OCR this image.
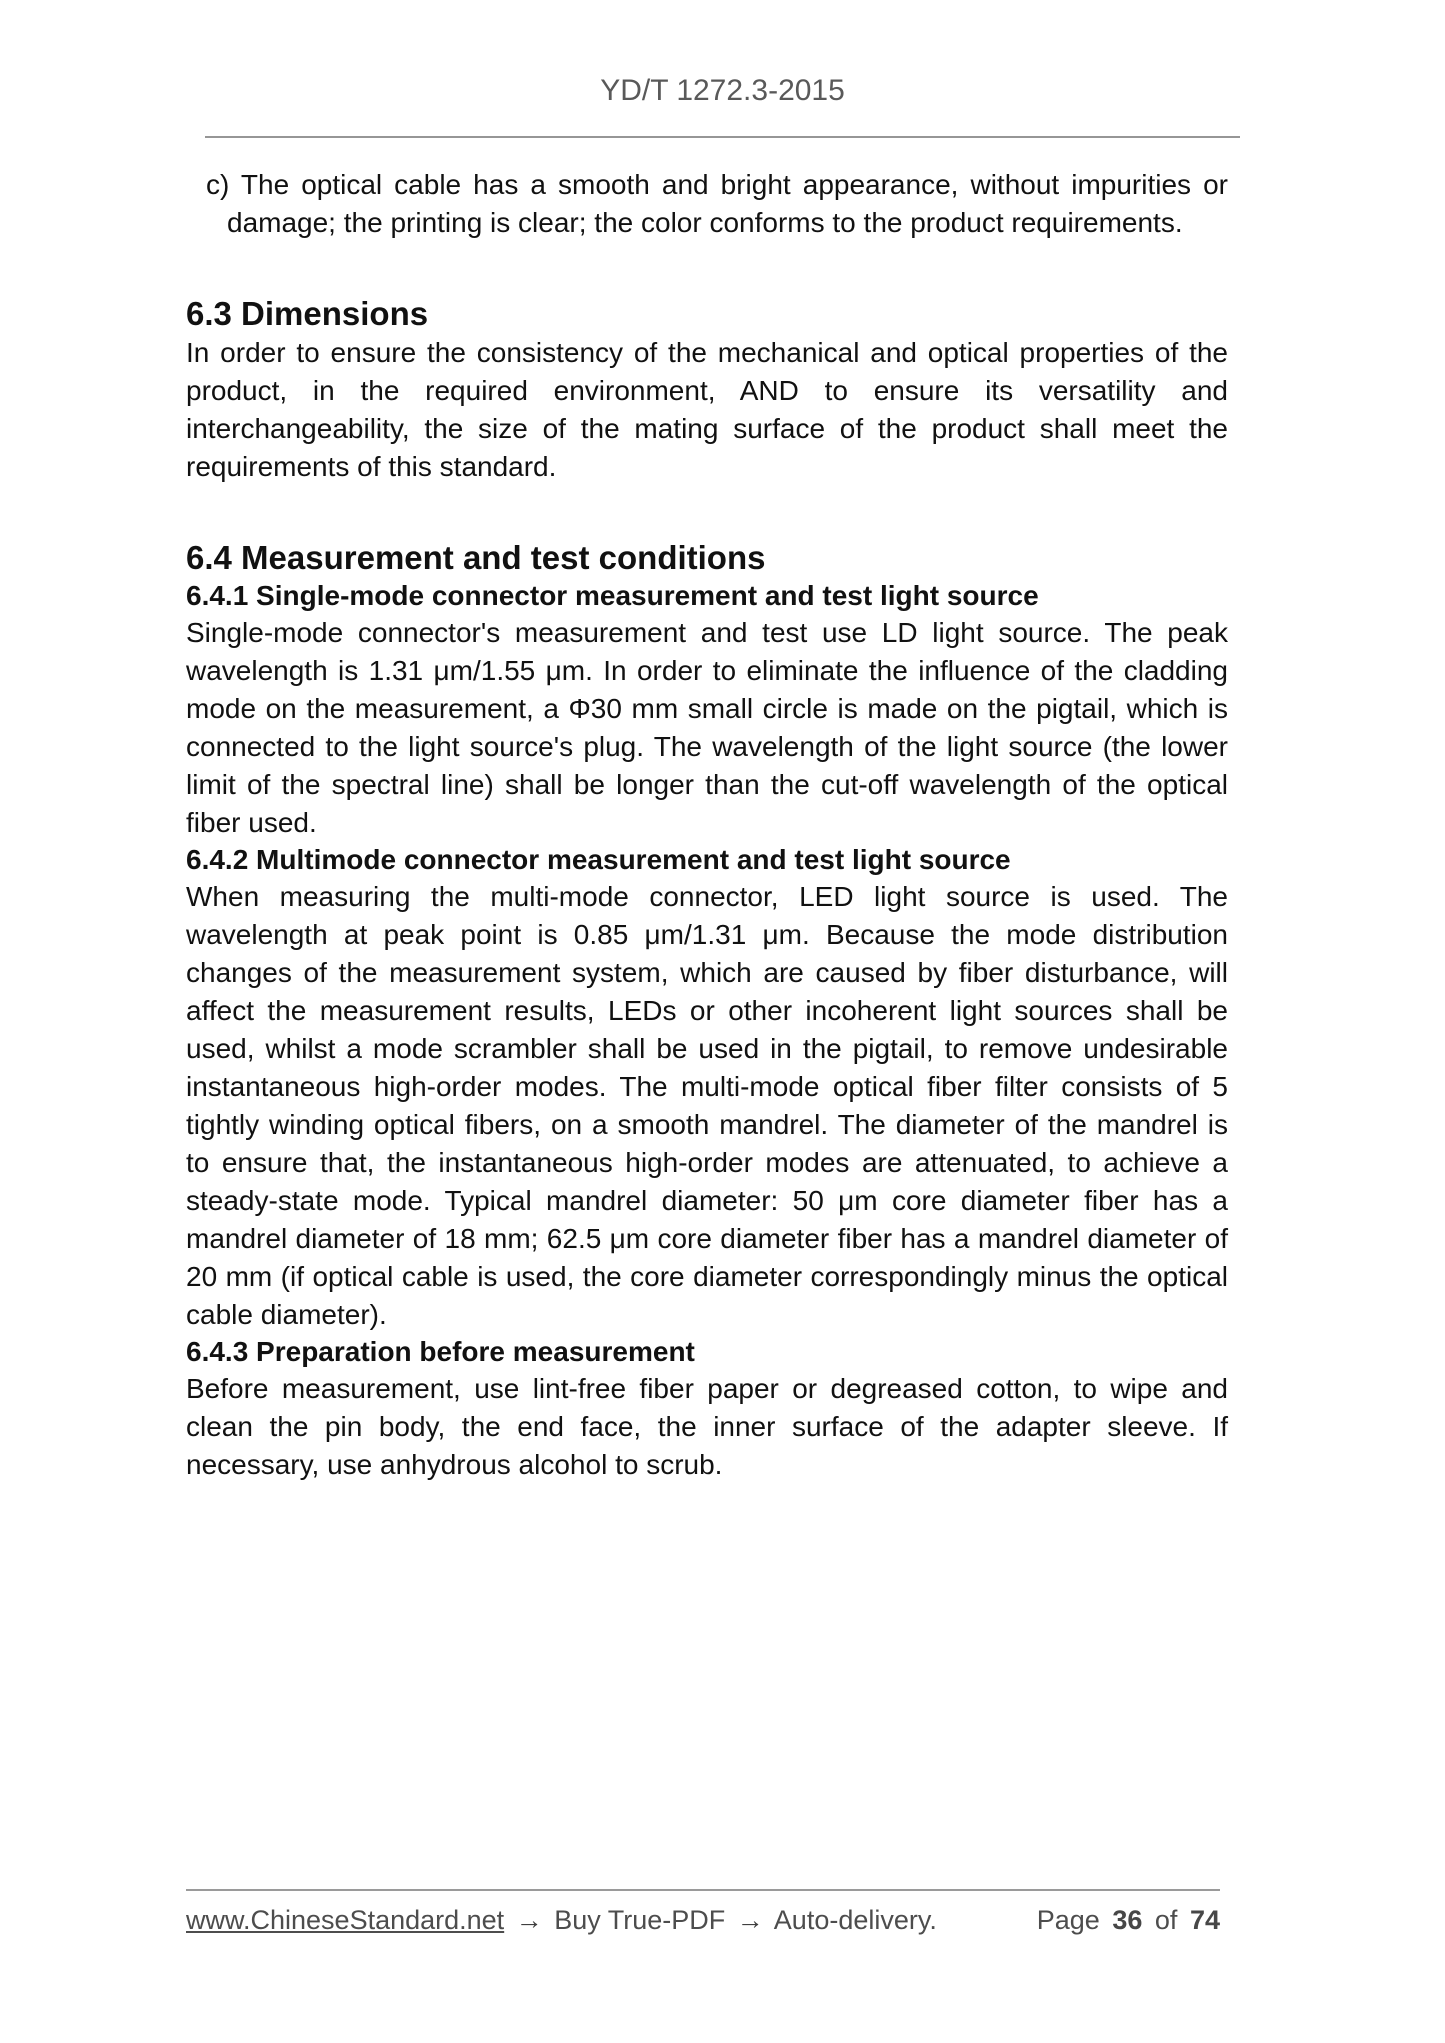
YD/T 1272.3-2015

c) The optical cable has a smooth and bright appearance, without impurities or damage; the printing is clear; the color conforms to the product requirements.

6.3 Dimensions

In order to ensure the consistency of the mechanical and optical properties of the product, in the required environment, AND to ensure its versatility and interchangeability, the size of the mating surface of the product shall meet the requirements of this standard.

6.4 Measurement and test conditions
6.4.1 Single-mode connector measurement and test light source

Single-mode connector's measurement and test use LD light source. The peak wavelength is 1.31 μm/1.55 μm. In order to eliminate the influence of the cladding mode on the measurement, a Φ30 mm small circle is made on the pigtail, which is connected to the light source's plug. The wavelength of the light source (the lower limit of the spectral line) shall be longer than the cut-off wavelength of the optical fiber used.

6.4.2 Multimode connector measurement and test light source

When measuring the multi-mode connector, LED light source is used. The wavelength at peak point is 0.85 μm/1.31 μm. Because the mode distribution changes of the measurement system, which are caused by fiber disturbance, will affect the measurement results, LEDs or other incoherent light sources shall be used, whilst a mode scrambler shall be used in the pigtail, to remove undesirable instantaneous high-order modes. The multi-mode optical fiber filter consists of 5 tightly winding optical fibers, on a smooth mandrel. The diameter of the mandrel is to ensure that, the instantaneous high-order modes are attenuated, to achieve a steady-state mode. Typical mandrel diameter: 50 μm core diameter fiber has a mandrel diameter of 18 mm; 62.5 μm core diameter fiber has a mandrel diameter of 20 mm (if optical cable is used, the core diameter correspondingly minus the optical cable diameter).

6.4.3 Preparation before measurement

Before measurement, use lint-free fiber paper or degreased cotton, to wipe and clean the pin body, the end face, the inner surface of the adapter sleeve. If necessary, use anhydrous alcohol to scrub.

www.ChineseStandard.net → Buy True-PDF → Auto-delivery.	Page 36 of 74
